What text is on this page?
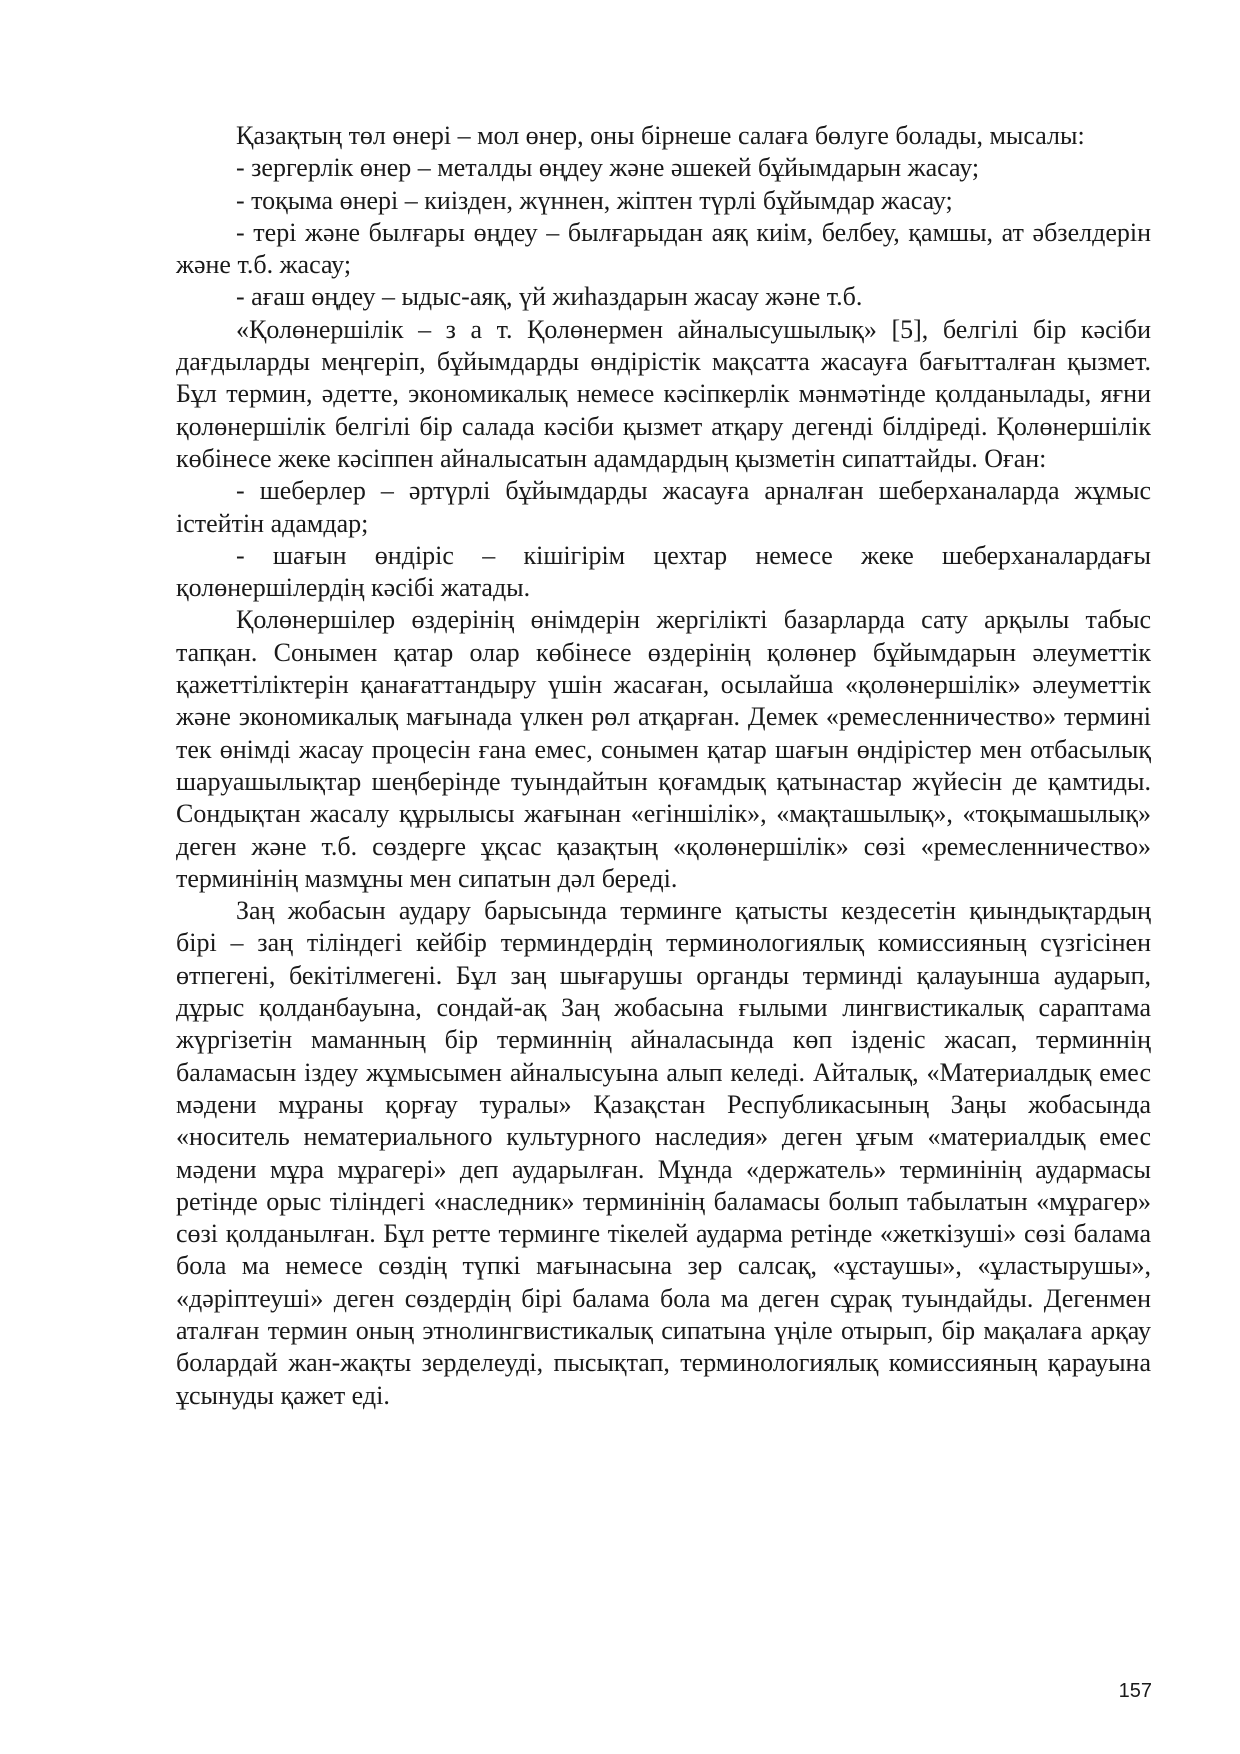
Қазақтың төл өнері – мол өнер, оны бірнеше салаға бөлуге болады, мысалы:

- зергерлік өнер – металды өңдеу және әшекей бұйымдарын жасау;

- тоқыма өнері – киізден, жүннен, жіптен түрлі бұйымдар жасау;

- тері және былғары өңдеу – былғарыдан аяқ киім, белбеу, қамшы, ат әбзелдерін және т.б. жасау;

- ағаш өңдеу – ыдыс-аяқ, үй жиһаздарын жасау және т.б.

«Қолөнершілік – з а т. Қолөнермен айналысушылық» [5], белгілі бір кәсіби дағдыларды меңгеріп, бұйымдарды өндірістік мақсатта жасауға бағытталған қызмет. Бұл термин, әдетте, экономикалық немесе кәсіпкерлік мәнмәтінде қолданылады, яғни қолөнершілік белгілі бір салада кәсіби қызмет атқару дегенді білдіреді. Қолөнершілік көбінесе жеке кәсіппен айналысатын адамдардың қызметін сипаттайды. Оған:

- шеберлер – әртүрлі бұйымдарды жасауға арналған шеберханаларда жұмыс істейтін адамдар;

- шағын өндіріс – кішігірім цехтар немесе жеке шеберханалардағы қолөнершілердің кәсібі жатады.

Қолөнершілер өздерінің өнімдерін жергілікті базарларда сату арқылы табыс тапқан. Сонымен қатар олар көбінесе өздерінің қолөнер бұйымдарын әлеуметтік қажеттіліктерін қанағаттандыру үшін жасаған, осылайша «қолөнершілік» әлеуметтік және экономикалық мағынада үлкен рөл атқарған. Демек «ремесленничество» термині тек өнімді жасау процесін ғана емес, сонымен қатар шағын өндірістер мен отбасылық шаруашылықтар шеңберінде туындайтын қоғамдық қатынастар жүйесін де қамтиды. Сондықтан жасалу құрылысы жағынан «егіншілік», «мақташылық», «тоқымашылық» деген және т.б. сөздерге ұқсас қазақтың «қолөнершілік» сөзі «ремесленничество» терминінің мазмұны мен сипатын дәл береді.

Заң жобасын аудару барысында терминге қатысты кездесетін қиындықтардың бірі – заң тіліндегі кейбір терминдердің терминологиялық комиссияның сүзгісінен өтпегені, бекітілмегені. Бұл заң шығарушы органды терминді қалауынша аударып, дұрыс қолданбауына, сондай-ақ Заң жобасына ғылыми лингвистикалық сараптама жүргізетін маманның бір терминнің айналасында көп ізденіс жасап, терминнің баламасын іздеу жұмысымен айналысуына алып келеді. Айталық, «Материалдық емес мәдени мұраны қорғау туралы» Қазақстан Республикасының Заңы жобасында «носитель нематериального культурного наследия» деген ұғым «материалдық емес мәдени мұра мұрагері» деп аударылған. Мұнда «держатель» терминінің аудармасы ретінде орыс тіліндегі «наследник» терминінің баламасы болып табылатын «мұрагер» сөзі қолданылған. Бұл ретте терминге тікелей аударма ретінде «жеткізуші» сөзі балама бола ма немесе сөздің түпкі мағынасына зер салсақ, «ұстаушы», «ұластырушы», «дәріптеуші» деген сөздердің бірі балама бола ма деген сұрақ туындайды. Дегенмен аталған термин оның этнолингвистикалық сипатына үңіле отырып, бір мақалаға арқау болардай жан-жақты зерделеуді, пысықтап, терминологиялық комиссияның қарауына ұсынуды қажет еді.

157
